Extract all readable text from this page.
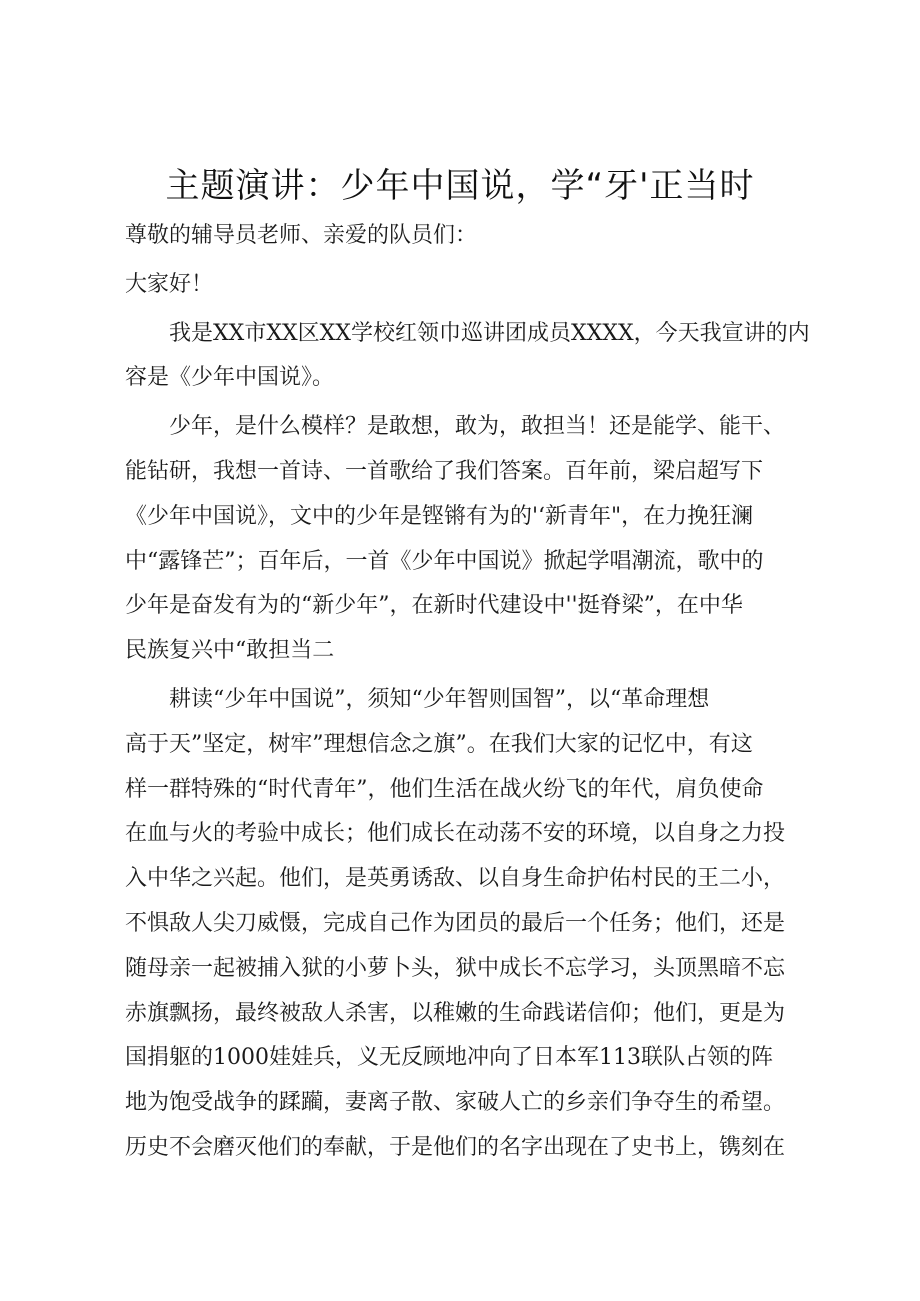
主题演讲：少年中国说，学“牙'正当时

尊敬的辅导员老师、亲爱的队员们：

大家好！

我是XX市XX区XX学校红领巾巡讲团成员XXXX，今天我宣讲的内
容是《少年中国说》。

少年，是什么模样？是敢想，敢为，敢担当！还是能学、能干、
能钻研，我想一首诗、一首歌给了我们答案。百年前，梁启超写下
《少年中国说》，文中的少年是铿锵有为的'‘新青年"，在力挽狂澜
中“露锋芒”；百年后，一首《少年中国说》掀起学唱潮流，歌中的
少年是奋发有为的“新少年”，在新时代建设中''挺脊梁”，在中华
民族复兴中“敢担当二

耕读“少年中国说”，须知“少年智则国智”，以“革命理想
高于天”坚定，树牢”理想信念之旗”。在我们大家的记忆中，有这
样一群特殊的“时代青年”，他们生活在战火纷飞的年代，肩负使命
在血与火的考验中成长；他们成长在动荡不安的环境，以自身之力投
入中华之兴起。他们，是英勇诱敌、以自身生命护佑村民的王二小，
不惧敌人尖刀威慑，完成自己作为团员的最后一个任务；他们，还是
随母亲一起被捕入狱的小萝卜头，狱中成长不忘学习，头顶黑暗不忘
赤旗飘扬，最终被敌人杀害，以稚嫩的生命践诺信仰；他们，更是为
国捐躯的1000娃娃兵，义无反顾地冲向了日本军113联队占领的阵
地为饱受战争的蹂躏，妻离子散、家破人亡的乡亲们争夺生的希望。
历史不会磨灭他们的奉献，于是他们的名字出现在了史书上，镌刻在
